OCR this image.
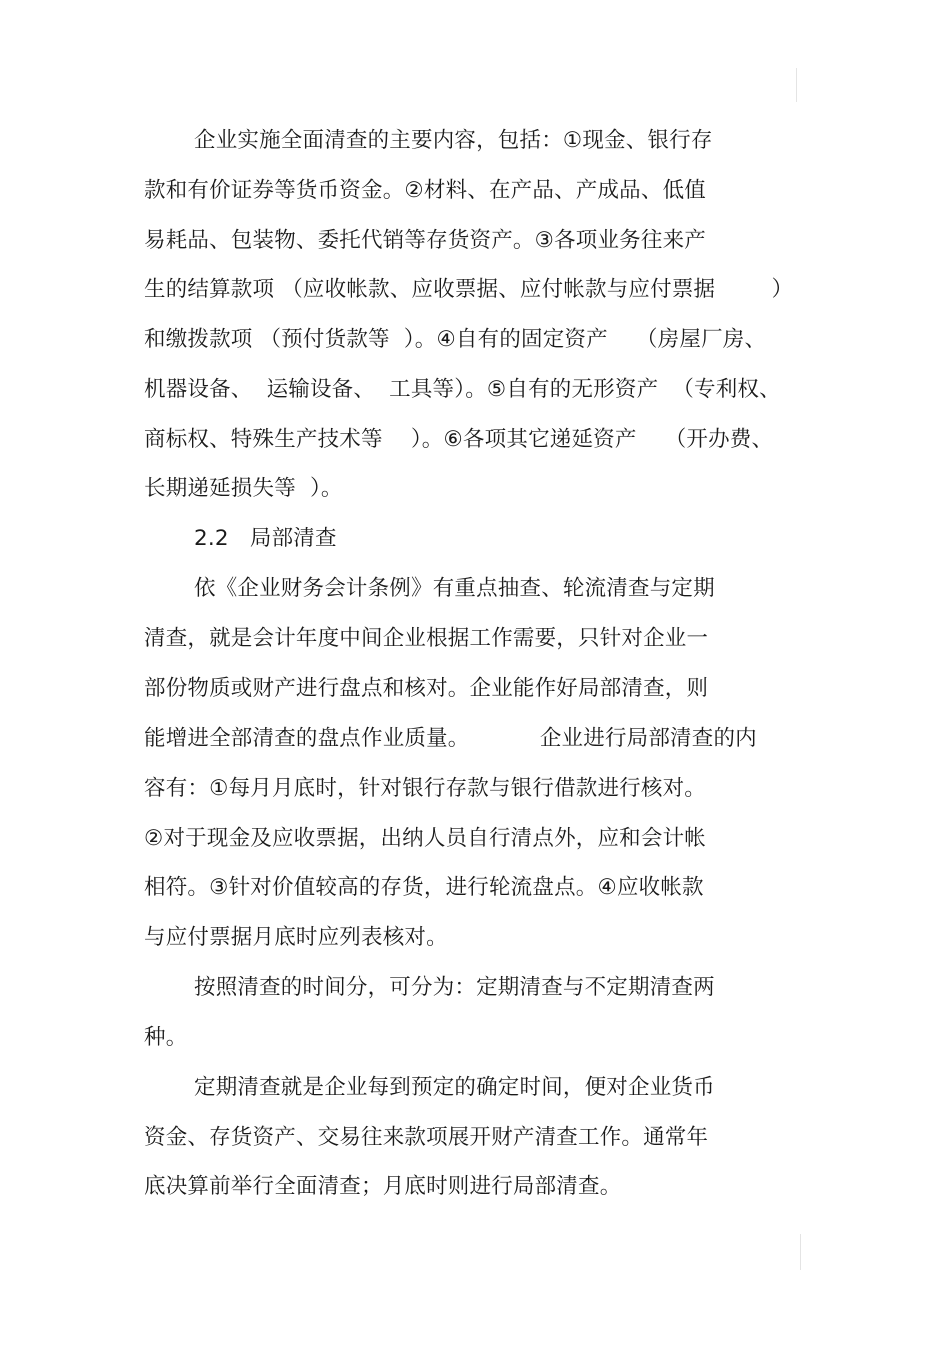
企业实施全面清查的主要内容，包括：①现金、银行存
款和有价证券等货币资金。②材料、在产品、产成品、低值
易耗品、包装物、委托代销等存货资产。③各项业务往来产
生的结算款项 （应收帐款、应收票据、应付帐款与应付票据        ）
和缴拨款项 （预付货款等  ）。④自有的固定资产    （房屋厂房、
机器设备、  运输设备、  工具等）。⑤自有的无形资产  （专利权、
商标权、特殊生产技术等    ）。⑥各项其它递延资产    （开办费、
长期递延损失等  ）。
2.2   局部清查
依《企业财务会计条例》有重点抽查、轮流清查与定期
清查，就是会计年度中间企业根据工作需要，只针对企业一
部份物质或财产进行盘点和核对。企业能作好局部清查，则
能增进全部清查的盘点作业质量。          企业进行局部清查的内
容有：①每月月底时，针对银行存款与银行借款进行核对。
②对于现金及应收票据，出纳人员自行清点外，应和会计帐
相符。③针对价值较高的存货，进行轮流盘点。④应收帐款
与应付票据月底时应列表核对。
按照清查的时间分，可分为：定期清查与不定期清查两
种。
定期清查就是企业每到预定的确定时间，便对企业货币
资金、存货资产、交易往来款项展开财产清查工作。通常年
底决算前举行全面清查；月底时则进行局部清查。
